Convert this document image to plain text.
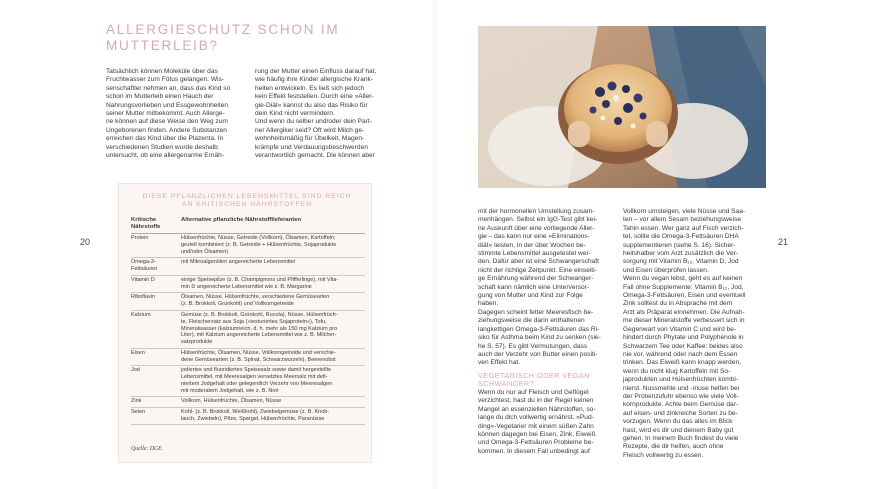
ALLERGIESCHUTZ SCHON IM MUTTERLEIB?

Tatsächlich können Moleküle über das
Fruchtwasser zum Fötus gelangen. Wis-
senschaftler nehmen an, dass das Kind so
schon im Mutterleib einen Hauch der
Nahrungsvorlieben und Essgewohnheiten
seiner Mutter mitbekommt. Auch Allerge-
ne können auf diese Weise den Weg zum
Ungeborenen finden. Andere Substanzen
erreichen das Kind über die Plazenta. In
verschiedenen Studien wurde deshalb
untersucht, ob eine allergenarme Ernäh-

rung der Mutter einen Einfluss darauf hat,
wie häufig ihre Kinder allergische Krank-
heiten entwickeln. Es ließ sich jedoch
kein Effekt feststellen. Durch eine »Aller-
gie-Diät« kannst du also das Risiko für
dein Kind nicht vermindern.
Und wenn du selber und/oder dein Part-
ner Allergiker seid? Oft wird Milch ge-
wohnheitsmäßig für Übelkeit, Magen-
krämpfe und Verdauungsbeschwerden
verantwortlich gemacht. Die können aber

DIESE PFLANZLICHEN LEBENSMITTEL SIND REICH
AN KRITISCHEN NÄHRSTOFFEN
Kritische Nährstoffe	Alternative pflanzliche Nährstofflieferanten
Protein	Hülsenfrüchte, Nüsse, Getreide (Vollkorn), Ölsamen, Kartoffeln;
gezielt kombiniert (z. B. Getreide + Hülsenfrüchte, Sojaprodukte
und/oder Ölsamen)
Omega-3-
Fettsäuren	mit Mikroalgenölen angereicherte Lebensmittel
Vitamin D	einige Speisepilze (z. B. Champignons und Pfifferlinge), mit Vita-
min D angereicherte Lebensmittel wie z. B. Margarine
Riboflavin	Ölsamen, Nüsse, Hülsenfrüchte, verschiedene Gemüsearten
(z. B. Brokkoli, Grünkohl) und Vollkorngetreide
Kalzium	Gemüse (z. B. Brokkoli, Grünkohl, Rucola), Nüsse, Hülsenfrüch-
te, Fleischersatz aus Soja (»texturiertes Sojaprotein«), Tofu,
Mineralwasser (kalziumreich, d. h. mehr als 150 mg Kalzium pro
Liter), mit Kalzium angereicherte Lebensmittel wie z. B. Milcher-
satzprodukte
Eisen	Hülsenfrüchte, Ölsamen, Nüsse, Vollkorngetreide und verschie-
dene Gemüsearten (z. B. Spinat, Schwarzwurzeln), Beerenobst
Jod	jodiertes und fluoridiertes Speisesalz sowie damit hergestellte
Lebensmittel, mit Meeresalgen versetztes Meersalz mit defi-
niertem Jodgehalt oder gelegentlich Verzehr von Meeresalgen
mit moderatem Jodgehalt, wie z. B. Nori
Zink	Vollkorn, Hülsenfrüchte, Ölsamen, Nüsse
Selen	Kohl- (z. B. Brokkoli, Weißkohl), Zwiebelgemüse (z. B. Knob-
lauch, Zwiebeln), Pilze, Spargel, Hülsenfrüchte, Paranüsse
Quelle: DGE
20	21

mit der hormonellen Umstellung zusam-
menhängen. Selbst ein IgG-Test gibt kei-
ne Auskunft über eine vorliegende Aller-
gie – das kann nur eine »Eliminations-
diät« leisten, in der über Wochen be-
stimmte Lebensmittel ausgetestet wer-
den. Dafür aber ist eine Schwangerschaft
nicht der richtige Zeitpunkt. Eine einseiti-
ge Ernährung während der Schwanger-
schaft kann nämlich eine Unterversor-
gung von Mutter und Kind zur Folge
haben.
Dagegen scheint fetter Meeresfisch be-
ziehungsweise die darin enthaltenen
langkettigen Omega-3-Fettsäuren das Ri-
siko für Asthma beim Kind zu senken (sie-
he S. 57). Es gibt Vermutungen, dass
auch der Verzehr von Butter einen positi-
ven Effekt hat.

VEGETARISCH ODER VEGAN
SCHWANGER?

Wenn du nur auf Fleisch und Geflügel
verzichtest, hast du in der Regel keinen
Mangel an essenziellen Nährstoffen, so-
lange du dich vollwertig ernährst. »Pud-
ding«-Vegetarier mit einem süßen Zahn
können dagegen bei Eisen, Zink, Eiweiß
und Omega-3-Fettsäuren Probleme be-
kommen. In diesem Fall unbedingt auf

Vollkorn umsteigen, viele Nüsse und Saa-
ten – vor allem Sesam beziehungsweise
Tahin essen. Wer ganz auf Fisch verzich-
tet, sollte die Omega-3-Fettsäuren DHA
supplementieren (siehe S. 16). Sicher-
heitshalber vom Arzt zusätzlich die Ver-
sorgung mit Vitamin B₁₂, Vitamin D, Jod
und Eisen überprüfen lassen.
Wenn du vegan lebst, geht es auf keinen
Fall ohne Supplemente: Vitamin B₁₂, Jod,
Omega-3-Fettsäuren, Eisen und eventuell
Zink solltest du in Absprache mit dem
Arzt als Präparat einnehmen. Die Aufnah-
me dieser Mineralstoffe verbessert sich in
Gegenwart von Vitamin C und wird be-
hindert durch Phytate und Polyphenole in
Schwarzem Tee oder Kaffee: beides also
nie vor, während oder nach dem Essen
trinken. Das Eiweiß kann knapp werden,
wenn du nicht klug Kartoffeln mit So-
japrodukten und Hülsenfrüchten kombi-
nierst. Nussmehle und -muse helfen bei
der Proteinzufuhr ebenso wie viele Voll-
kornprodukte. Achte beim Gemüse dar-
auf eisen- und zinkreiche Sorten zu be-
vorzugen. Wenn du das alles im Blick
hast, wird es dir und deinem Baby gut
gehen. In meinem Buch findest du viele
Rezepte, die dir helfen, auch ohne
Fleisch vollwertig zu essen.
